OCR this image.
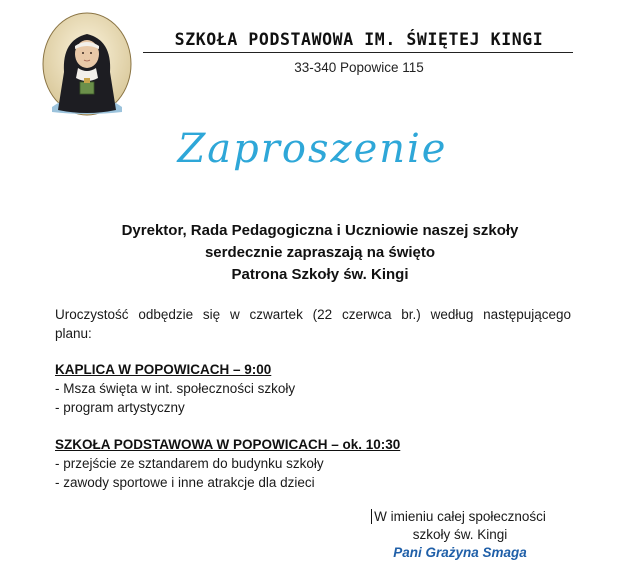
SZKOŁA PODSTAWOWA IM. ŚWIĘTEJ KINGI
33-340 Popowice 115
Zaproszenie
Dyrektor, Rada Pedagogiczna i Uczniowie naszej szkoły
serdecznie zapraszają na święto
Patrona Szkoły św. Kingi
Uroczystość odbędzie się w czwartek (22 czerwca br.) według następującego planu:
KAPLICA W POPOWICACH – 9:00
- Msza święta w int. społeczności szkoły
- program artystyczny
SZKOŁA PODSTAWOWA W POPOWICACH – ok. 10:30
- przejście ze sztandarem do budynku szkoły
- zawody sportowe i inne atrakcje dla dzieci
W imieniu całej społeczności
szkoły św. Kingi
Pani Grażyna Smaga
